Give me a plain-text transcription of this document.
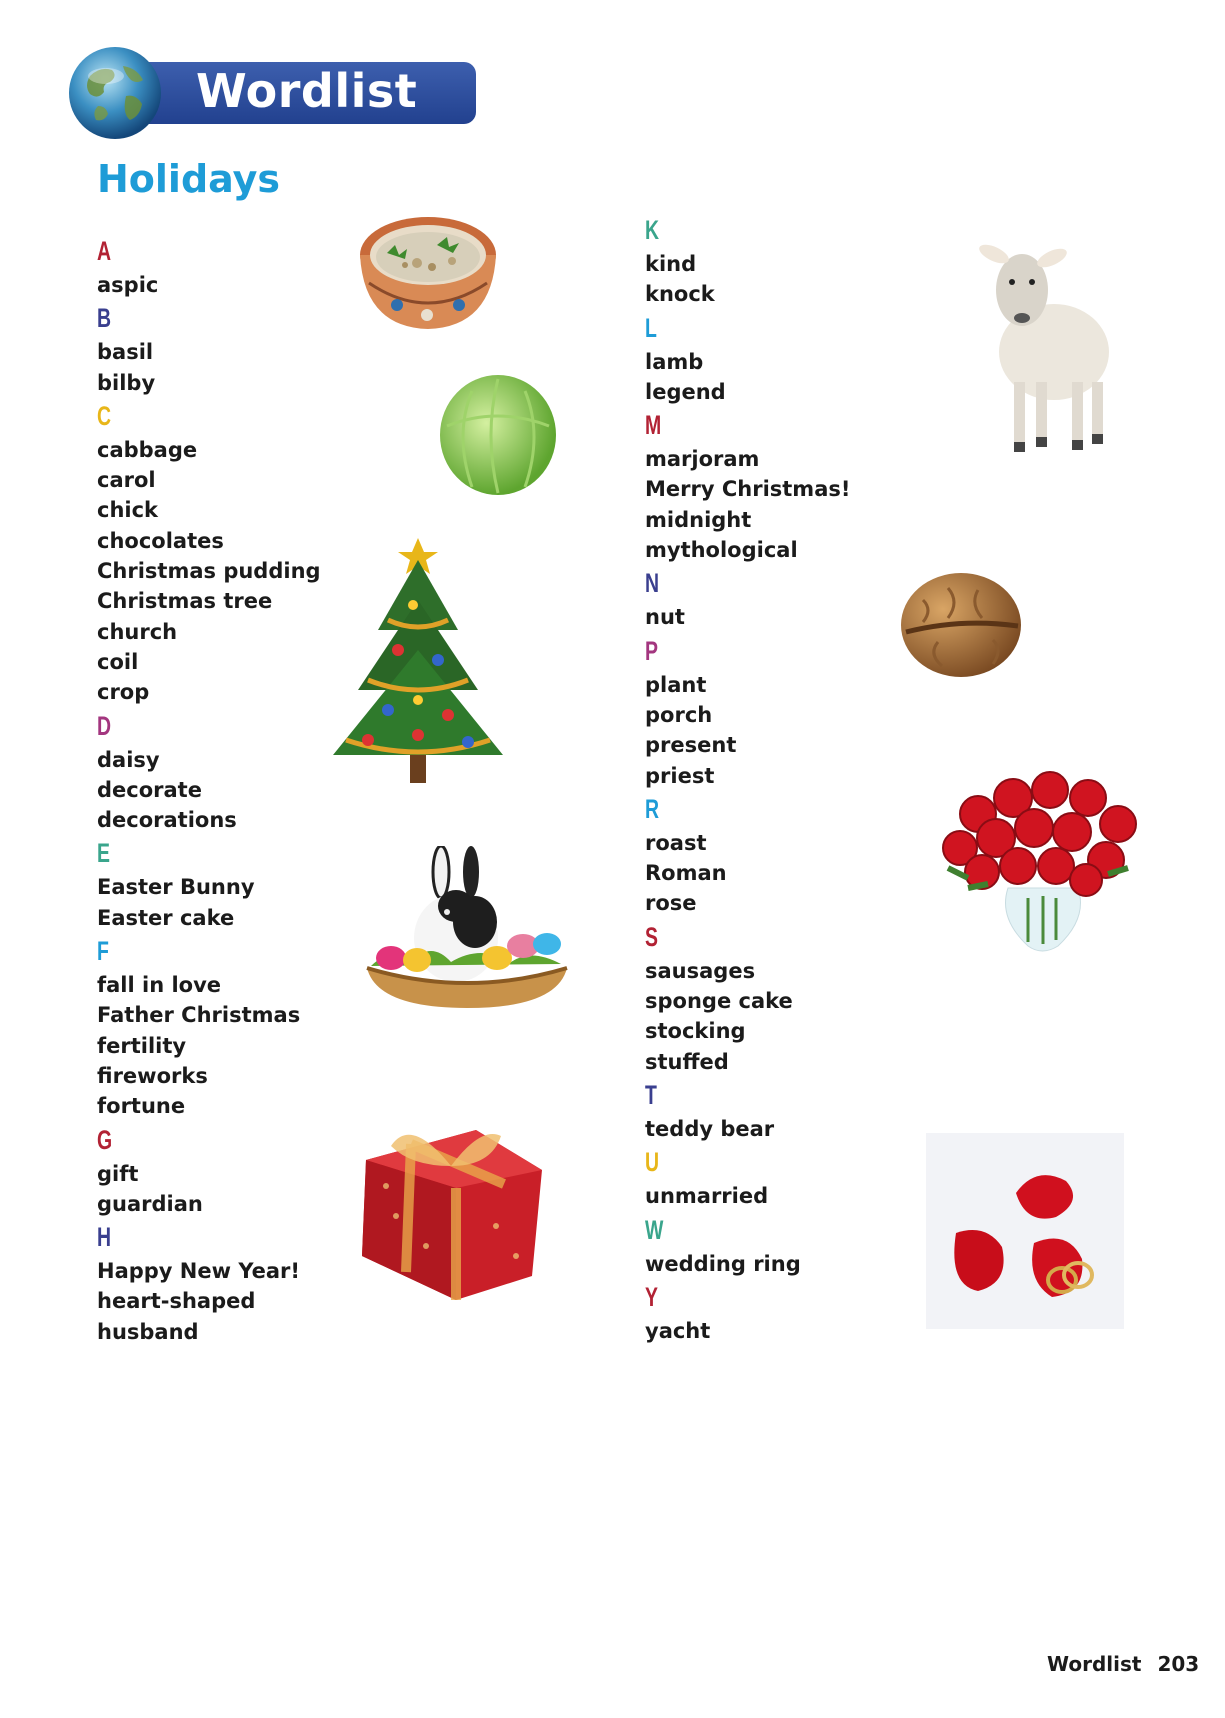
Wordlist
Holidays
A
aspic
B
basil
bilby
C
cabbage
carol
chick
chocolates
Christmas pudding
Christmas tree
church
coil
crop
D
daisy
decorate
decorations
E
Easter Bunny
Easter cake
F
fall in love
Father Christmas
fertility
fireworks
fortune
G
gift
guardian
H
Happy New Year!
heart-shaped
husband
K
kind
knock
L
lamb
legend
M
marjoram
Merry Christmas!
midnight
mythological
N
nut
P
plant
porch
present
priest
R
roast
Roman
rose
S
sausages
sponge cake
stocking
stuffed
T
teddy bear
U
unmarried
W
wedding ring
Y
yacht
Wordlist 203
